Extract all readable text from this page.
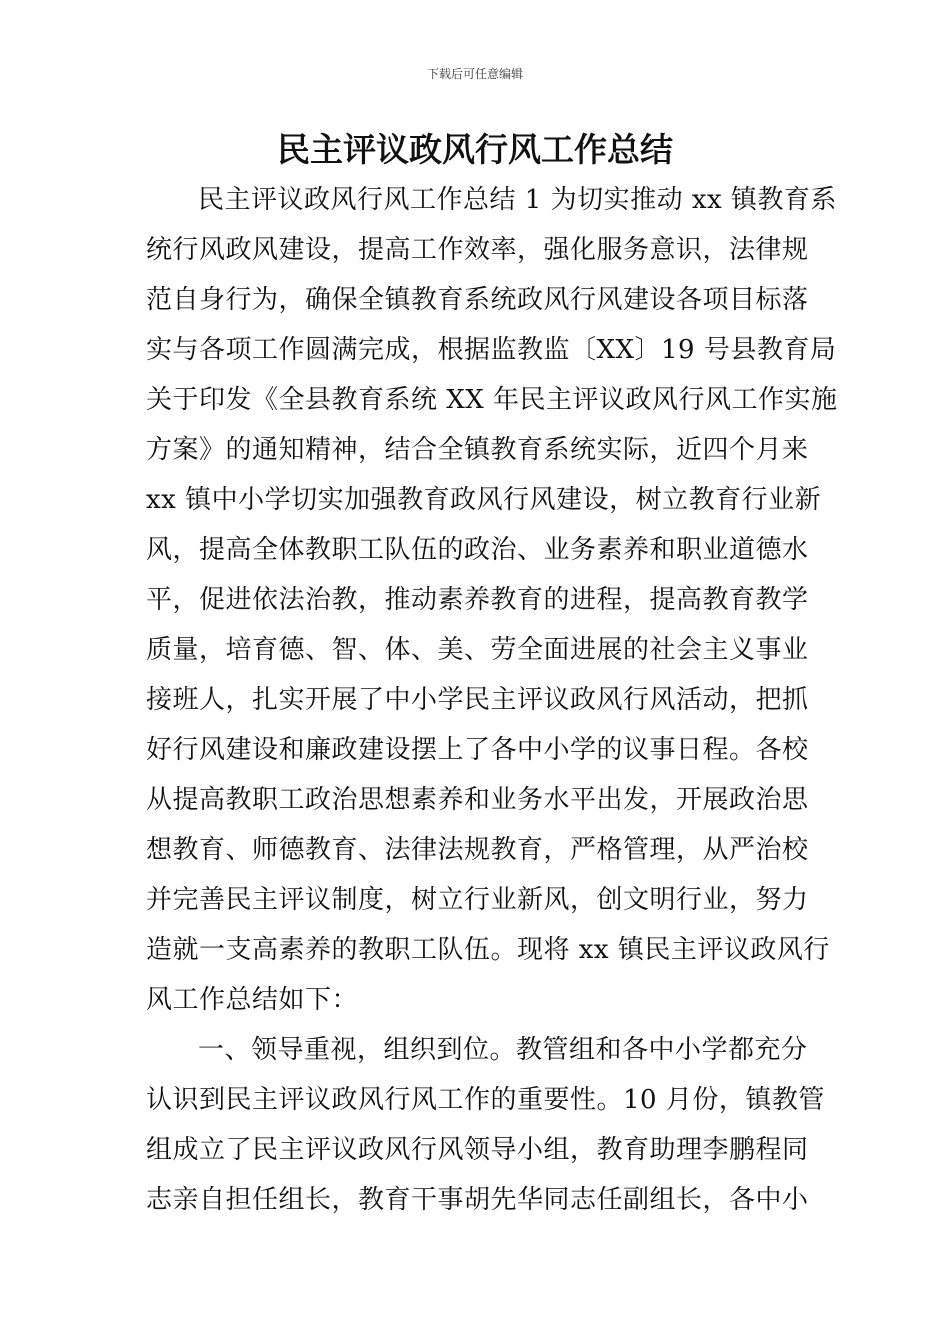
下载后可任意编辑
民主评议政风行风工作总结

民主评议政风行风工作总结 1 为切实推动 xx 镇教育系
统行风政风建设，提高工作效率，强化服务意识，法律规
范自身行为，确保全镇教育系统政风行风建设各项目标落
实与各项工作圆满完成，根据监教监〔XX〕19 号县教育局
关于印发《全县教育系统 XX 年民主评议政风行风工作实施
方案》的通知精神，结合全镇教育系统实际，近四个月来
xx 镇中小学切实加强教育政风行风建设，树立教育行业新
风，提高全体教职工队伍的政治、业务素养和职业道德水
平，促进依法治教，推动素养教育的进程，提高教育教学
质量，培育德、智、体、美、劳全面进展的社会主义事业
接班人，扎实开展了中小学民主评议政风行风活动，把抓
好行风建设和廉政建设摆上了各中小学的议事日程。各校
从提高教职工政治思想素养和业务水平出发，开展政治思
想教育、师德教育、法律法规教育，严格管理，从严治校
并完善民主评议制度，树立行业新风，创文明行业，努力
造就一支高素养的教职工队伍。现将 xx 镇民主评议政风行
风工作总结如下：

一、领导重视，组织到位。教管组和各中小学都充分
认识到民主评议政风行风工作的重要性。10 月份，镇教管
组成立了民主评议政风行风领导小组，教育助理李鹏程同
志亲自担任组长，教育干事胡先华同志任副组长，各中小
